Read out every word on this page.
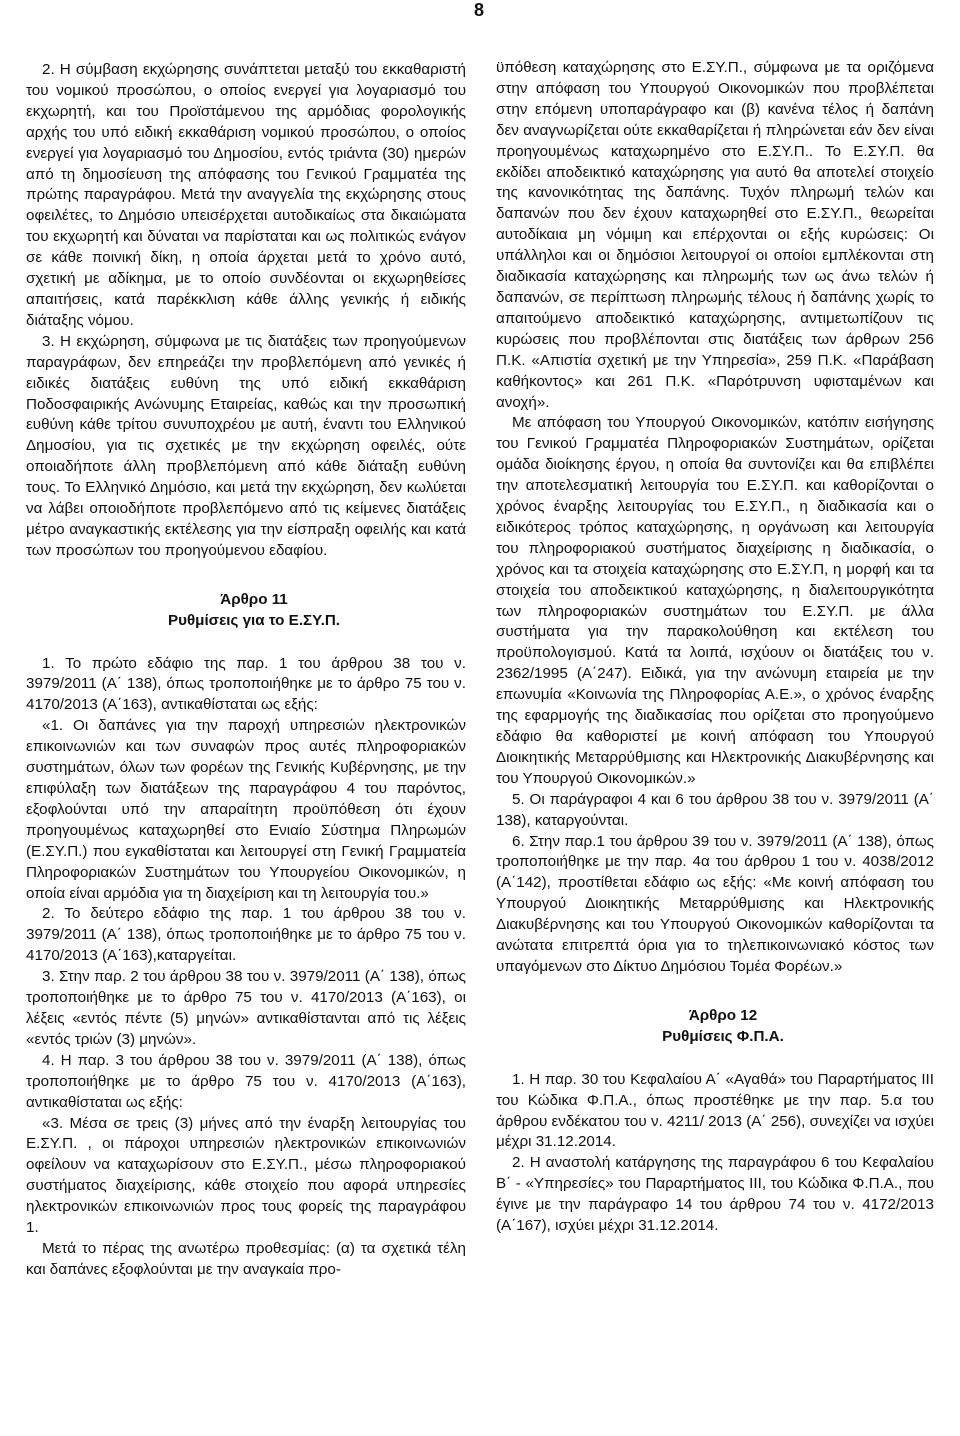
8

2. Η σύμβαση εκχώρησης συνάπτεται μεταξύ του εκκαθαριστή του νομικού προσώπου, ο οποίος ενεργεί για λογαριασμό του εκχωρητή, και του Προϊστάμενου της αρμόδιας φορολογικής αρχής του υπό ειδική εκκαθάριση νομικού προσώπου, ο οποίος ενεργεί για λογαριασμό του Δημοσίου, εντός τριάντα (30) ημερών από τη δημοσίευση της απόφασης του Γενικού Γραμματέα της πρώτης παραγράφου. Μετά την αναγγελία της εκχώρησης στους οφειλέτες, το Δημόσιο υπεισέρχεται αυτοδικαίως στα δικαιώματα του εκχωρητή και δύναται να παρίσταται και ως πολιτικώς ενάγον σε κάθε ποινική δίκη, η οποία άρχεται μετά το χρόνο αυτό, σχετική με αδίκημα, με το οποίο συνδέονται οι εκχωρηθείσες απαιτήσεις, κατά παρέκκλιση κάθε άλλης γενικής ή ειδικής διάταξης νόμου.

3. Η εκχώρηση, σύμφωνα με τις διατάξεις των προηγούμενων παραγράφων, δεν επηρεάζει την προβλεπόμενη από γενικές ή ειδικές διατάξεις ευθύνη της υπό ειδική εκκαθάριση Ποδοσφαιρικής Ανώνυμης Εταιρείας, καθώς και την προσωπική ευθύνη κάθε τρίτου συνυποχρέου με αυτή, έναντι του Ελληνικού Δημοσίου, για τις σχετικές με την εκχώρηση οφειλές, ούτε οποιαδήποτε άλλη προβλεπόμενη από κάθε διάταξη ευθύνη τους. Το Ελληνικό Δημόσιο, και μετά την εκχώρηση, δεν κωλύεται να λάβει οποιοδήποτε προβλεπόμενο από τις κείμενες διατάξεις μέτρο αναγκαστικής εκτέλεσης για την είσπραξη οφειλής και κατά των προσώπων του προηγούμενου εδαφίου.

Άρθρο 11

Ρυθμίσεις για το Ε.ΣΥ.Π.

1. Το πρώτο εδάφιο της παρ. 1 του άρθρου 38 του ν. 3979/2011 (Α΄ 138), όπως τροποποιήθηκε με το άρθρο 75 του ν. 4170/2013 (Α΄163), αντικαθίσταται ως εξής:

«1. Οι δαπάνες για την παροχή υπηρεσιών ηλεκτρονικών επικοινωνιών και των συναφών προς αυτές πληροφοριακών συστημάτων, όλων των φορέων της Γενικής Κυβέρνησης, με την επιφύλαξη των διατάξεων της παραγράφου 4 του παρόντος, εξοφλούνται υπό την απαραίτητη προϋπόθεση ότι έχουν προηγουμένως καταχωρηθεί στο Ενιαίο Σύστημα Πληρωμών (Ε.ΣΥ.Π.) που εγκαθίσταται και λειτουργεί στη Γενική Γραμματεία Πληροφοριακών Συστημάτων του Υπουργείου Οικονομικών, η οποία είναι αρμόδια για τη διαχείριση και τη λειτουργία του.»

2. Το δεύτερο εδάφιο της παρ. 1 του άρθρου 38 του ν. 3979/2011 (Α΄ 138), όπως τροποποιήθηκε με το άρθρο 75 του ν. 4170/2013 (Α΄163),καταργείται.

3. Στην παρ. 2 του άρθρου 38 του ν. 3979/2011 (Α΄ 138), όπως τροποποιήθηκε με το άρθρο 75 του ν. 4170/2013 (Α΄163), οι λέξεις «εντός πέντε (5) μηνών» αντικαθίστανται από τις λέξεις «εντός τριών (3) μηνών».

4. Η παρ. 3 του άρθρου 38 του ν. 3979/2011 (Α΄ 138), όπως τροποποιήθηκε με το άρθρο 75 του ν. 4170/2013 (Α΄163), αντικαθίσταται ως εξής:

«3. Μέσα σε τρεις (3) μήνες από την έναρξη λειτουργίας του Ε.ΣΥ.Π. , οι πάροχοι υπηρεσιών ηλεκτρονικών επικοινωνιών οφείλουν να καταχωρίσουν στο Ε.ΣΥ.Π., μέσω πληροφοριακού συστήματος διαχείρισης, κάθε στοιχείο που αφορά υπηρεσίες ηλεκτρονικών επικοινωνιών προς τους φορείς της παραγράφου 1.

Μετά το πέρας της ανωτέρω προθεσμίας: (α) τα σχετικά τέλη και δαπάνες εξοφλούνται με την αναγκαία προ-

ϋπόθεση καταχώρησης στο Ε.ΣΥ.Π., σύμφωνα με τα οριζόμενα στην απόφαση του Υπουργού Οικονομικών που προβλέπεται στην επόμενη υποπαράγραφο και (β) κανένα τέλος ή δαπάνη δεν αναγνωρίζεται ούτε εκκαθαρίζεται ή πληρώνεται εάν δεν είναι προηγουμένως καταχωρημένο στο Ε.ΣΥ.Π.. Το Ε.ΣΥ.Π. θα εκδίδει αποδεικτικό καταχώρησης για αυτό θα αποτελεί στοιχείο της κανονικότητας της δαπάνης. Τυχόν πληρωμή τελών και δαπανών που δεν έχουν καταχωρηθεί στο Ε.ΣΥ.Π., θεωρείται αυτοδίκαια μη νόμιμη και επέρχονται οι εξής κυρώσεις: Οι υπάλληλοι και οι δημόσιοι λειτουργοί οι οποίοι εμπλέκονται στη διαδικασία καταχώρησης και πληρωμής των ως άνω τελών ή δαπανών, σε περίπτωση πληρωμής τέλους ή δαπάνης χωρίς το απαιτούμενο αποδεικτικό καταχώρησης, αντιμετωπίζουν τις κυρώσεις που προβλέπονται στις διατάξεις των άρθρων 256 Π.Κ. «Απιστία σχετική με την Υπηρεσία», 259 Π.Κ. «Παράβαση καθήκοντος» και 261 Π.Κ. «Παρότρυνση υφισταμένων και ανοχή».

Με απόφαση του Υπουργού Οικονομικών, κατόπιν εισήγησης του Γενικού Γραμματέα Πληροφοριακών Συστημάτων, ορίζεται ομάδα διοίκησης έργου, η οποία θα συντονίζει και θα επιβλέπει την αποτελεσματική λειτουργία του Ε.ΣΥ.Π. και καθορίζονται ο χρόνος έναρξης λειτουργίας του Ε.ΣΥ.Π., η διαδικασία και ο ειδικότερος τρόπος καταχώρησης, η οργάνωση και λειτουργία του πληροφοριακού συστήματος διαχείρισης η διαδικασία, ο χρόνος και τα στοιχεία καταχώρησης στο Ε.ΣΥ.Π, η μορφή και τα στοιχεία του αποδεικτικού καταχώρησης, η διαλειτουργικότητα των πληροφοριακών συστημάτων του Ε.ΣΥ.Π. με άλλα συστήματα για την παρακολούθηση και εκτέλεση του προϋπολογισμού. Κατά τα λοιπά, ισχύουν οι διατάξεις του ν. 2362/1995 (Α΄247). Ειδικά, για την ανώνυμη εταιρεία με την επωνυμία «Κοινωνία της Πληροφορίας Α.Ε.», ο χρόνος έναρξης της εφαρμογής της διαδικασίας που ορίζεται στο προηγούμενο εδάφιο θα καθοριστεί με κοινή απόφαση του Υπουργού Διοικητικής Μεταρρύθμισης και Ηλεκτρονικής Διακυβέρνησης και του Υπουργού Οικονομικών.»

5. Οι παράγραφοι 4 και 6 του άρθρου 38 του ν. 3979/2011 (Α΄ 138), καταργούνται.

6. Στην παρ.1 του άρθρου 39 του ν. 3979/2011 (Α΄ 138), όπως τροποποιήθηκε με την παρ. 4α του άρθρου 1 του ν. 4038/2012 (Α΄142), προστίθεται εδάφιο ως εξής: «Με κοινή απόφαση του Υπουργού Διοικητικής Μεταρρύθμισης και Ηλεκτρονικής Διακυβέρνησης και του Υπουργού Οικονομικών καθορίζονται τα ανώτατα επιτρεπτά όρια για το τηλεπικοινωνιακό κόστος των υπαγόμενων στο Δίκτυο Δημόσιου Τομέα Φορέων.»

Άρθρο 12

Ρυθμίσεις Φ.Π.Α.

1. Η παρ. 30 του Κεφαλαίου Α΄ «Αγαθά» του Παραρτήματος ΙΙΙ του Κώδικα Φ.Π.Α., όπως προστέθηκε με την παρ. 5.α του άρθρου ενδέκατου του ν. 4211/ 2013 (Α΄ 256), συνεχίζει να ισχύει μέχρι 31.12.2014.

2. Η αναστολή κατάργησης της παραγράφου 6 του Κεφαλαίου Β΄ - «Υπηρεσίες» του Παραρτήματος ΙΙΙ, του Κώδικα Φ.Π.Α., που έγινε με την παράγραφο 14 του άρθρου 74 του ν. 4172/2013 (Α΄167), ισχύει μέχρι 31.12.2014.
